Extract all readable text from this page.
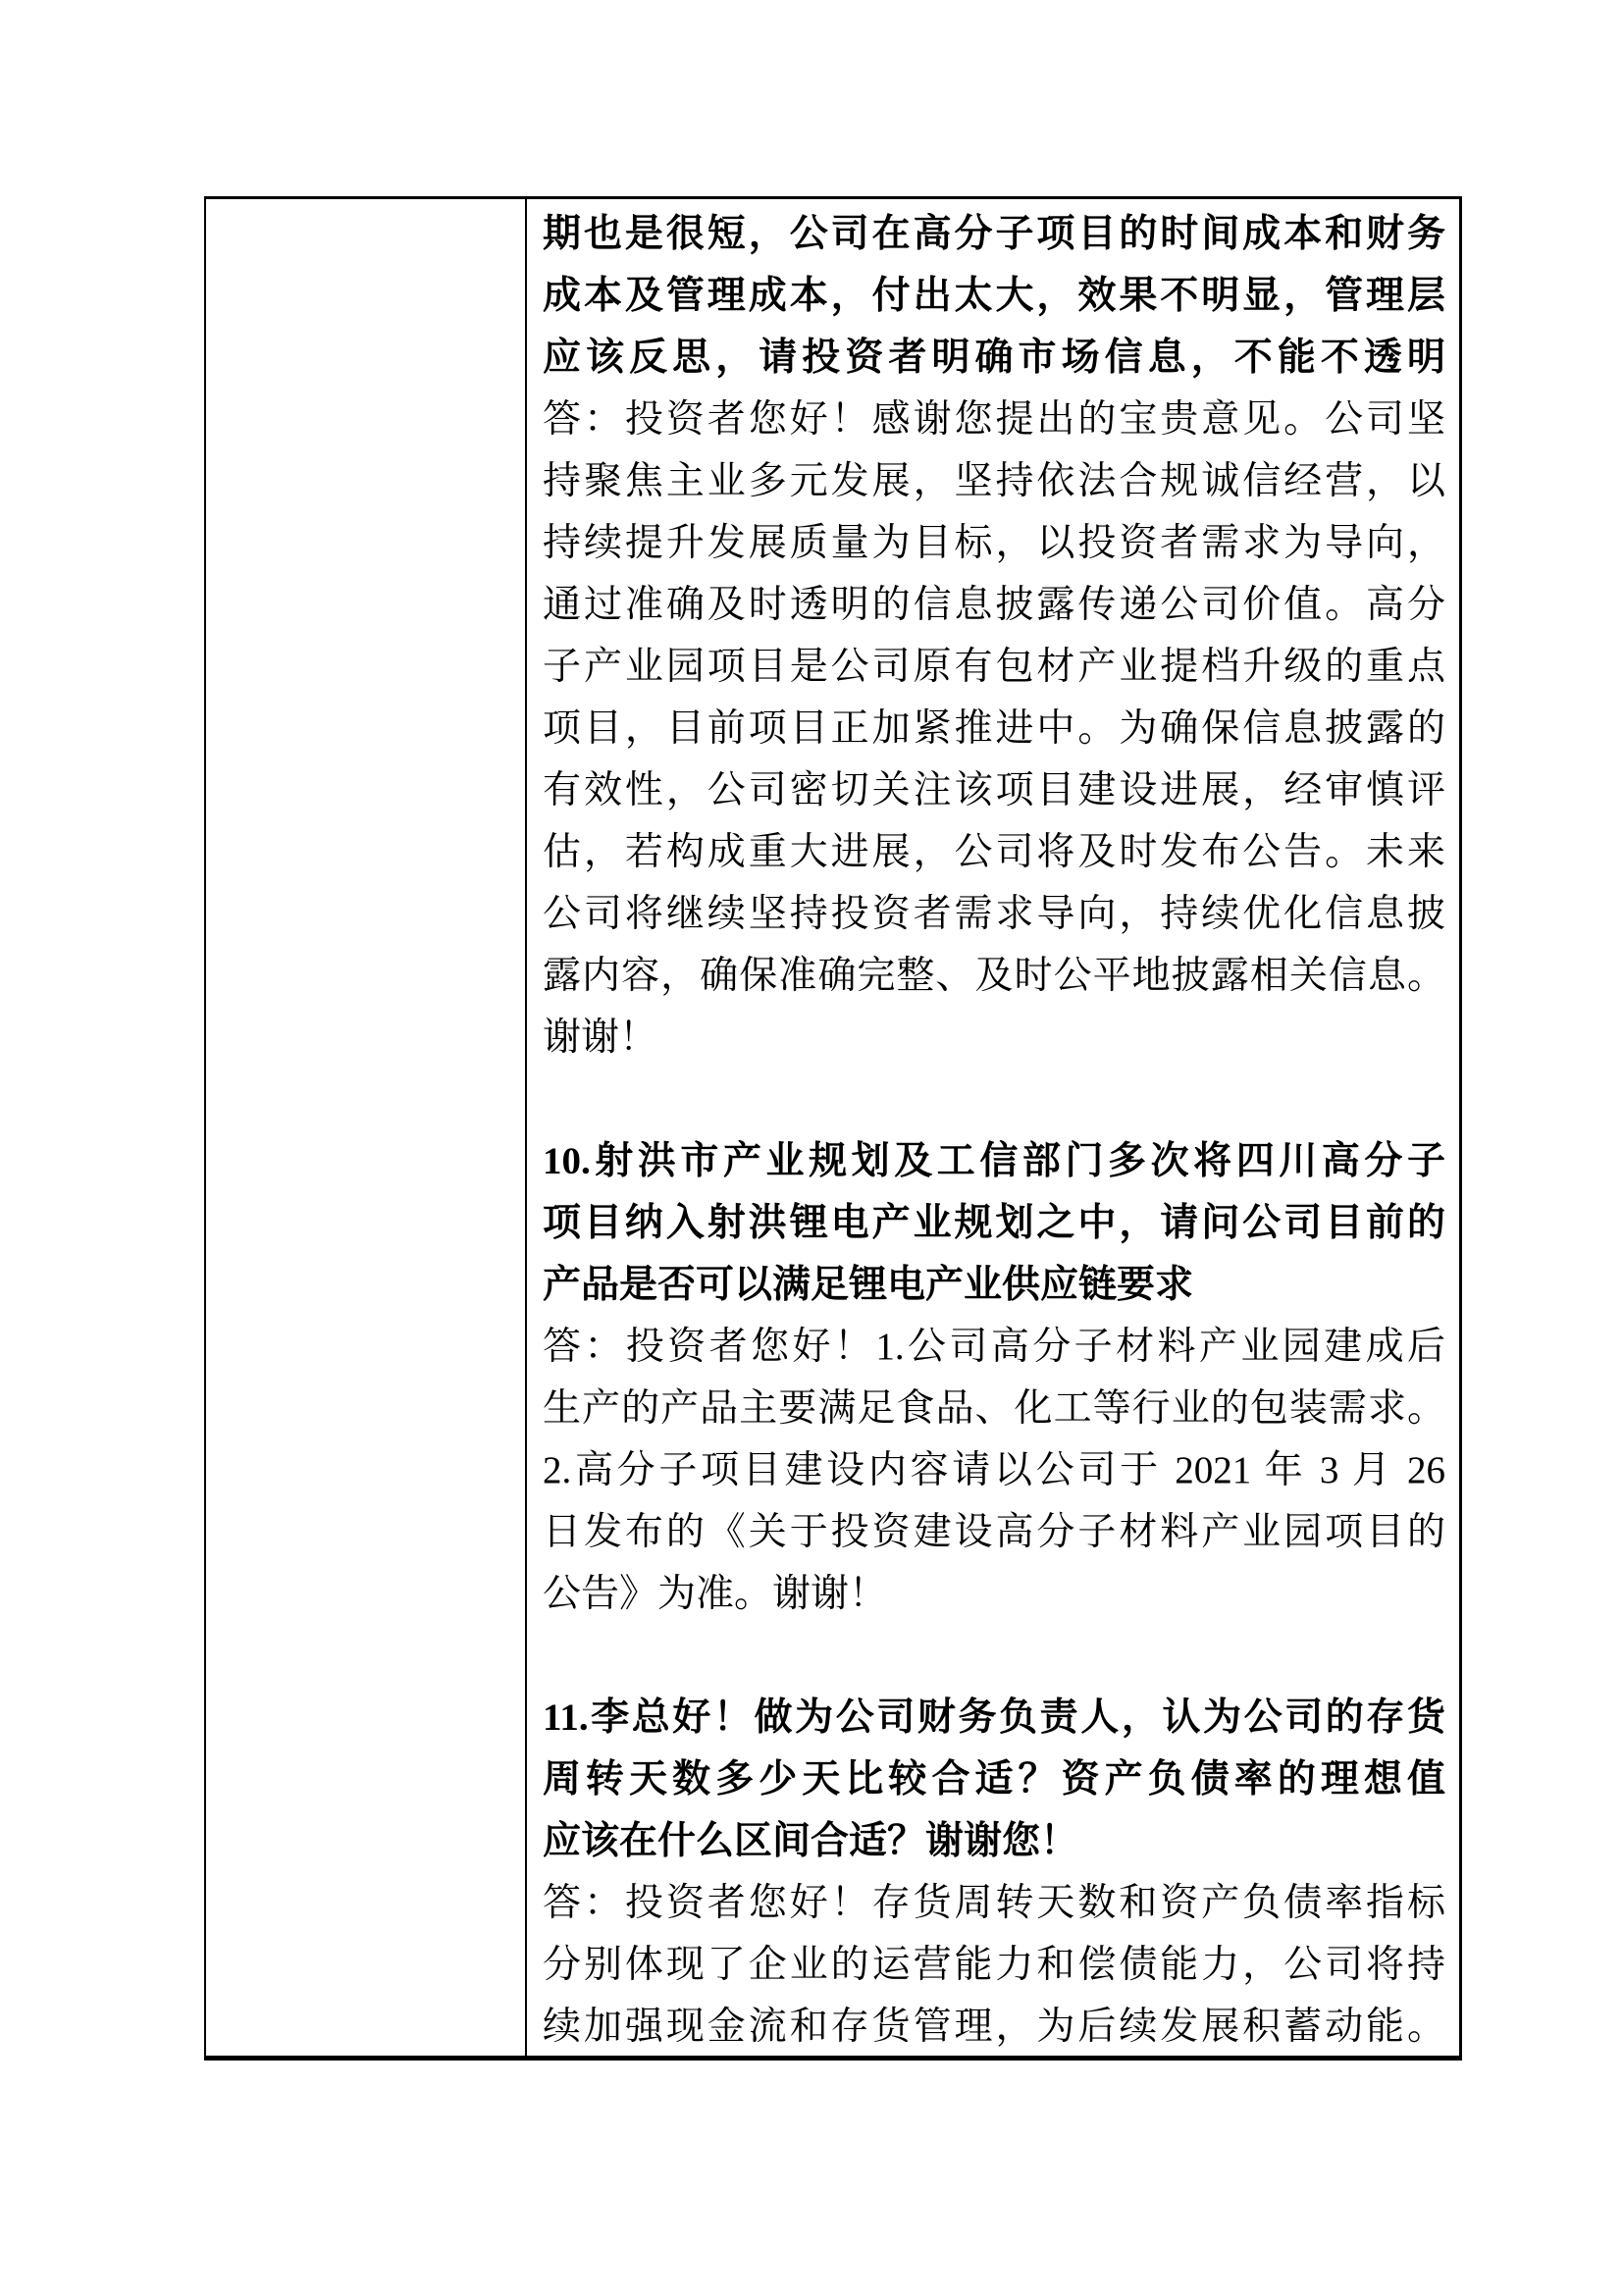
期也是很短，公司在高分子项目的时间成本和财务
成本及管理成本，付出太大，效果不明显，管理层
应该反思，请投资者明确市场信息，不能不透明
答：投资者您好！感谢您提出的宝贵意见。公司坚
持聚焦主业多元发展，坚持依法合规诚信经营，以
持续提升发展质量为目标，以投资者需求为导向，
通过准确及时透明的信息披露传递公司价值。高分
子产业园项目是公司原有包材产业提档升级的重点
项目，目前项目正加紧推进中。为确保信息披露的
有效性，公司密切关注该项目建设进展，经审慎评
估，若构成重大进展，公司将及时发布公告。未来
公司将继续坚持投资者需求导向，持续优化信息披
露内容，确保准确完整、及时公平地披露相关信息。
谢谢！
10.射洪市产业规划及工信部门多次将四川高分子
项目纳入射洪锂电产业规划之中，请问公司目前的
产品是否可以满足锂电产业供应链要求
答：投资者您好！1.公司高分子材料产业园建成后
生产的产品主要满足食品、化工等行业的包装需求。
2.高分子项目建设内容请以公司于 2021 年 3 月 26
日发布的《关于投资建设高分子材料产业园项目的
公告》为准。谢谢！
11.李总好！做为公司财务负责人，认为公司的存货
周转天数多少天比较合适？资产负债率的理想值
应该在什么区间合适？谢谢您！
答：投资者您好！存货周转天数和资产负债率指标
分别体现了企业的运营能力和偿债能力，公司将持
续加强现金流和存货管理，为后续发展积蓄动能。
